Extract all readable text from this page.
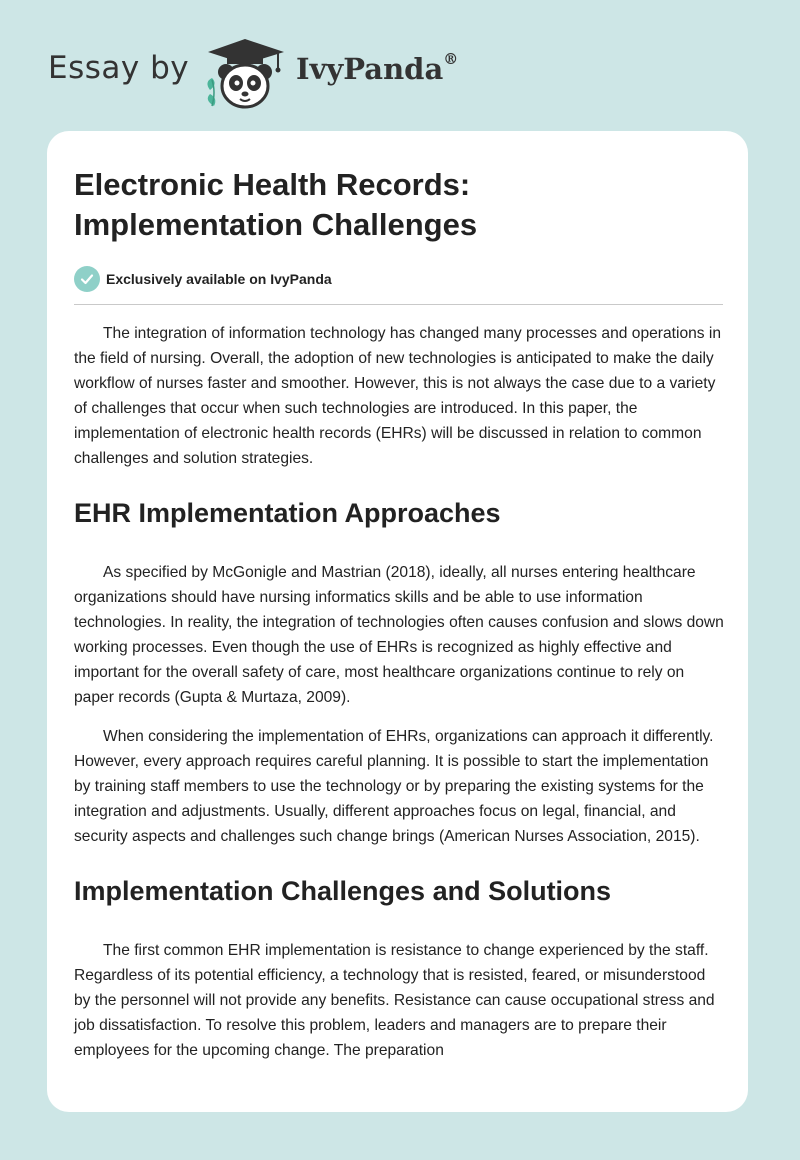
Essay by	IvyPanda®
Electronic Health Records:
Implementation Challenges
Exclusively available on IvyPanda

The integration of information technology has changed many processes and operations in the field of nursing. Overall, the adoption of new technologies is anticipated to make the daily workflow of nurses faster and smoother. However, this is not always the case due to a variety of challenges that occur when such technologies are introduced. In this paper, the implementation of electronic health records (EHRs) will be discussed in relation to common challenges and solution strategies.

EHR Implementation Approaches

As specified by McGonigle and Mastrian (2018), ideally, all nurses entering healthcare organizations should have nursing informatics skills and be able to use information technologies. In reality, the integration of technologies often causes confusion and slows down working processes. Even though the use of EHRs is recognized as highly effective and important for the overall safety of care, most healthcare organizations continue to rely on paper records (Gupta & Murtaza, 2009).

When considering the implementation of EHRs, organizations can approach it differently. However, every approach requires careful planning. It is possible to start the implementation by training staff members to use the technology or by preparing the existing systems for the integration and adjustments. Usually, different approaches focus on legal, financial, and security aspects and challenges such change brings (American Nurses Association, 2015).

Implementation Challenges and Solutions

The first common EHR implementation is resistance to change experienced by the staff. Regardless of its potential efficiency, a technology that is resisted, feared, or misunderstood by the personnel will not provide any benefits. Resistance can cause occupational stress and job dissatisfaction. To resolve this problem, leaders and managers are to prepare their employees for the upcoming change. The preparation
